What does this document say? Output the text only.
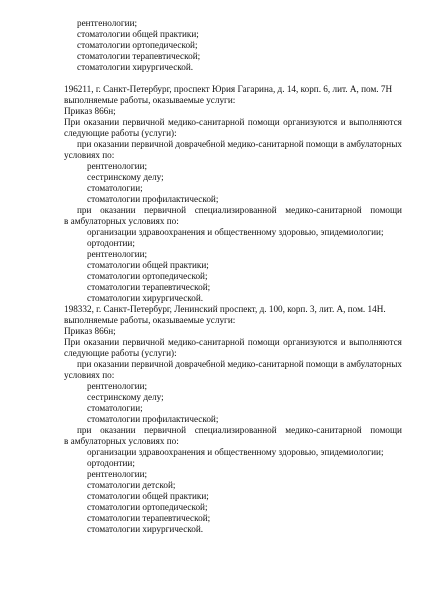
рентгенологии;
стоматологии общей практики;
стоматологии ортопедической;
стоматологии терапевтической;
стоматологии хирургической.
196211, г. Санкт-Петербург, проспект Юрия Гагарина, д. 14, корп. 6, лит. А, пом. 7Н
выполняемые работы, оказываемые услуги:
Приказ 866н;
При оказании первичной медико-санитарной помощи организуются и выполняются
следующие работы (услуги):
при оказании первичной доврачебной медико-санитарной помощи в амбулаторных
условиях по:
рентгенологии;
сестринскому делу;
стоматологии;
стоматологии профилактической;
при оказании первичной специализированной медико-санитарной помощи
в амбулаторных условиях по:
организации здравоохранения и общественному здоровью, эпидемиологии;
ортодонтии;
рентгенологии;
стоматологии общей практики;
стоматологии ортопедической;
стоматологии терапевтической;
стоматологии хирургической.
198332, г. Санкт-Петербург, Ленинский проспект, д. 100, корп. 3, лит. А, пом. 14Н.
выполняемые работы, оказываемые услуги:
Приказ 866н;
При оказании первичной медико-санитарной помощи организуются и выполняются
следующие работы (услуги):
при оказании первичной доврачебной медико-санитарной помощи в амбулаторных
условиях по:
рентгенологии;
сестринскому делу;
стоматологии;
стоматологии профилактической;
при оказании первичной специализированной медико-санитарной помощи
в амбулаторных условиях по:
организации здравоохранения и общественному здоровью, эпидемиологии;
ортодонтии;
рентгенологии;
стоматологии детской;
стоматологии общей практики;
стоматологии ортопедической;
стоматологии терапевтической;
стоматологии хирургической.
